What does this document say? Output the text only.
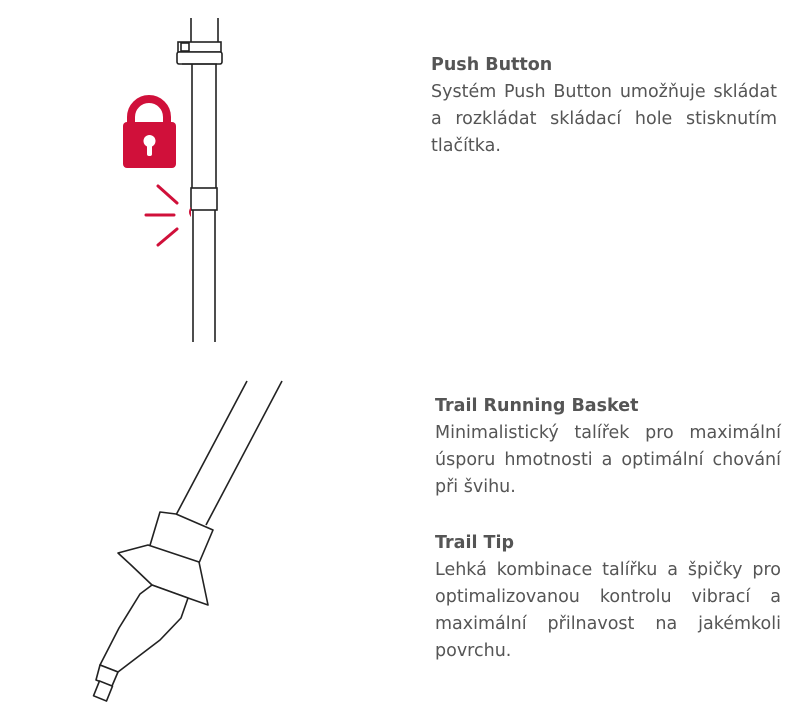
Push Button

Systém Push Button umožňuje skládat a rozkládat skládací hole stisknutím tlačítka.

Trail Running Basket

Minimalistický talířek pro maximální úsporu hmotnosti a optimální chování při švihu.

Trail Tip

Lehká kombinace talířku a špičky pro optimalizovanou kontrolu vibrací a maximální přilnavost na jakémkoli povrchu.
